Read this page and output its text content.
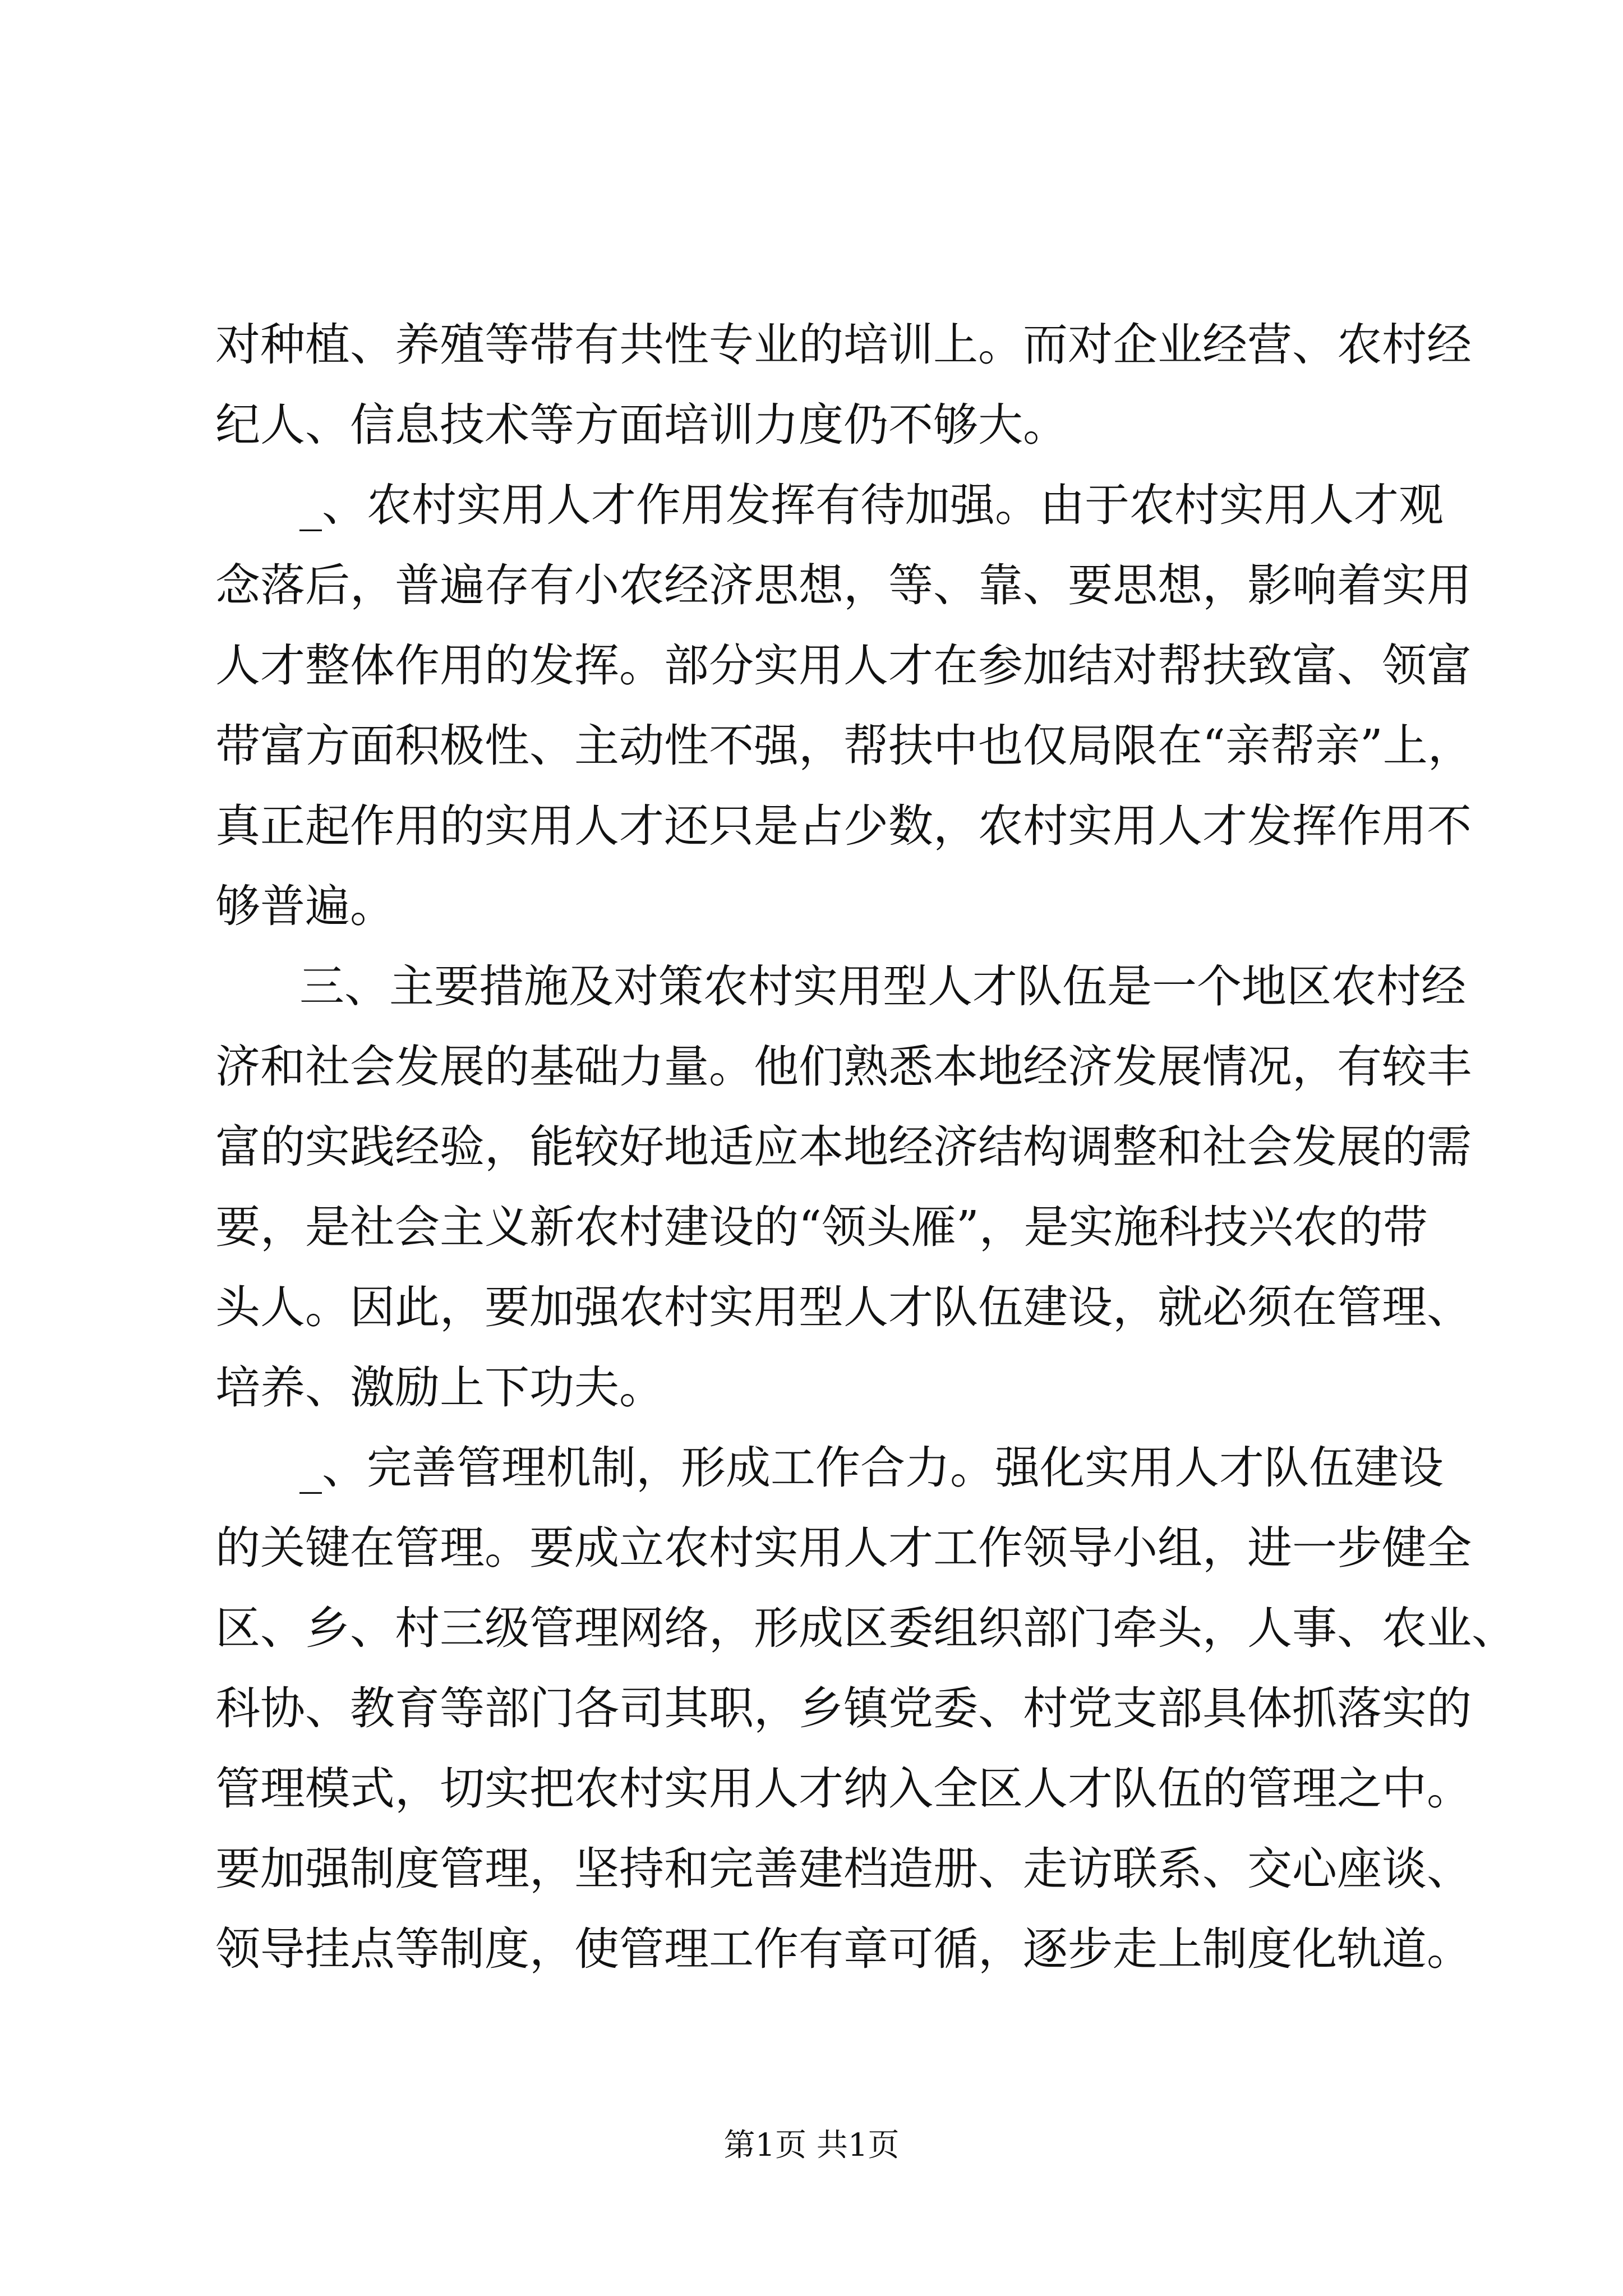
对种植、养殖等带有共性专业的培训上。而对企业经营、农村经
纪人、信息技术等方面培训力度仍不够大。
_、农村实用人才作用发挥有待加强。由于农村实用人才观
念落后，普遍存有小农经济思想，等、靠、要思想，影响着实用
人才整体作用的发挥。部分实用人才在参加结对帮扶致富、领富
带富方面积极性、主动性不强，帮扶中也仅局限在“亲帮亲”上，
真正起作用的实用人才还只是占少数，农村实用人才发挥作用不
够普遍。
三、主要措施及对策农村实用型人才队伍是一个地区农村经
济和社会发展的基础力量。他们熟悉本地经济发展情况，有较丰
富的实践经验，能较好地适应本地经济结构调整和社会发展的需
要，是社会主义新农村建设的“领头雁”，是实施科技兴农的带
头人。因此，要加强农村实用型人才队伍建设，就必须在管理、
培养、激励上下功夫。
_、完善管理机制，形成工作合力。强化实用人才队伍建设
的关键在管理。要成立农村实用人才工作领导小组，进一步健全
区、乡、村三级管理网络，形成区委组织部门牵头，人事、农业、
科协、教育等部门各司其职，乡镇党委、村党支部具体抓落实的
管理模式，切实把农村实用人才纳入全区人才队伍的管理之中。
要加强制度管理，坚持和完善建档造册、走访联系、交心座谈、
领导挂点等制度，使管理工作有章可循，逐步走上制度化轨道。
第1页 共1页
